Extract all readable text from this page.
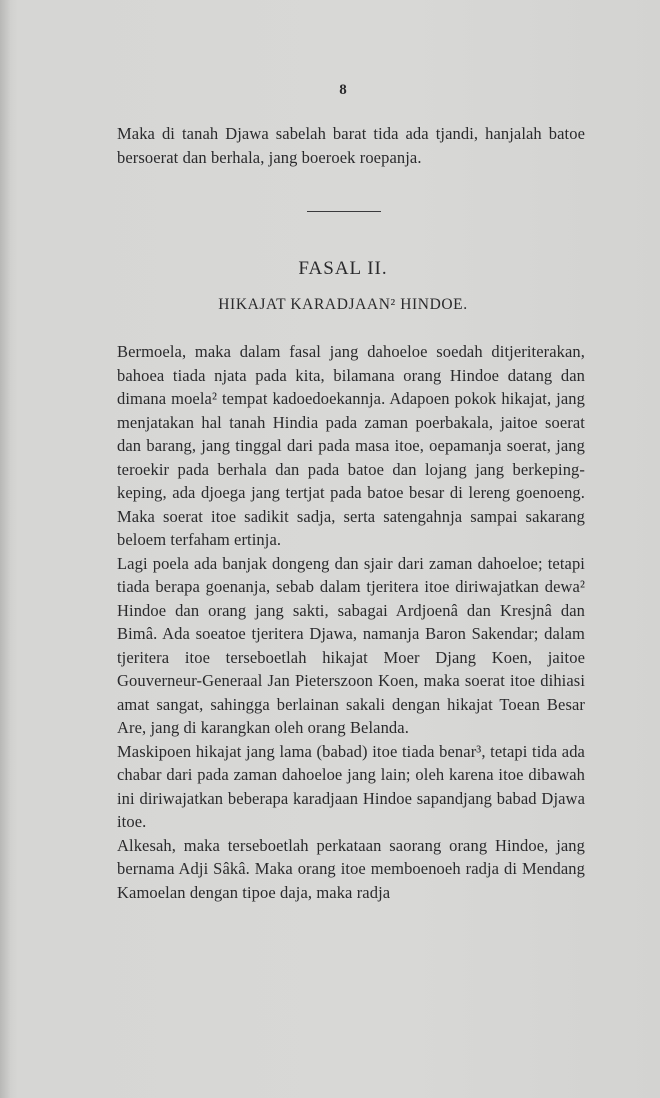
8
Maka di tanah Djawa sabelah barat tida ada tjandi, hanjalah batoe bersoerat dan berhala, jang boeroek roepanja.
FASAL II.
HIKAJAT KARADJAAN² HINDOE.

Bermoela, maka dalam fasal jang dahoeloe soedah ditjeriterakan, bahoea tiada njata pada kita, bilamana orang Hindoe datang dan dimana moela² tempat kadoedoekannja. Adapoen pokok hikajat, jang menjatakan hal tanah Hindia pada zaman poerbakala, jaitoe soerat dan barang, jang tinggal dari pada masa itoe, oepamanja soerat, jang teroekir pada berhala dan pada batoe dan lojang jang berkeping-keping, ada djoega jang tertjat pada batoe besar di lereng goenoeng. Maka soerat itoe sadikit sadja, serta satengahnja sampai sakarang beloem terfaham ertinja.

Lagi poela ada banjak dongeng dan sjair dari zaman dahoeloe; tetapi tiada berapa goenanja, sebab dalam tjeritera itoe diriwajatkan dewa² Hindoe dan orang jang sakti, sabagai Ardjoenâ dan Kresjnâ dan Bimâ. Ada soeatoe tjeritera Djawa, namanja Baron Sakendar; dalam tjeritera itoe terseboetlah hikajat Moer Djang Koen, jaitoe Gouverneur-Generaal Jan Pieterszoon Koen, maka soerat itoe dihiasi amat sangat, sahingga berlainan sakali dengan hikajat Toean Besar Are, jang di karangkan oleh orang Belanda.

Maskipoen hikajat jang lama (babad) itoe tiada benar³, tetapi tida ada chabar dari pada zaman dahoeloe jang lain; oleh karena itoe dibawah ini diriwajatkan beberapa karadjaan Hindoe sapandjang babad Djawa itoe.

Alkesah, maka terseboetlah perkataan saorang orang Hindoe, jang bernama Adji Sâkâ. Maka orang itoe memboenoeh radja di Mendang Kamoelan dengan tipoe daja, maka radja
